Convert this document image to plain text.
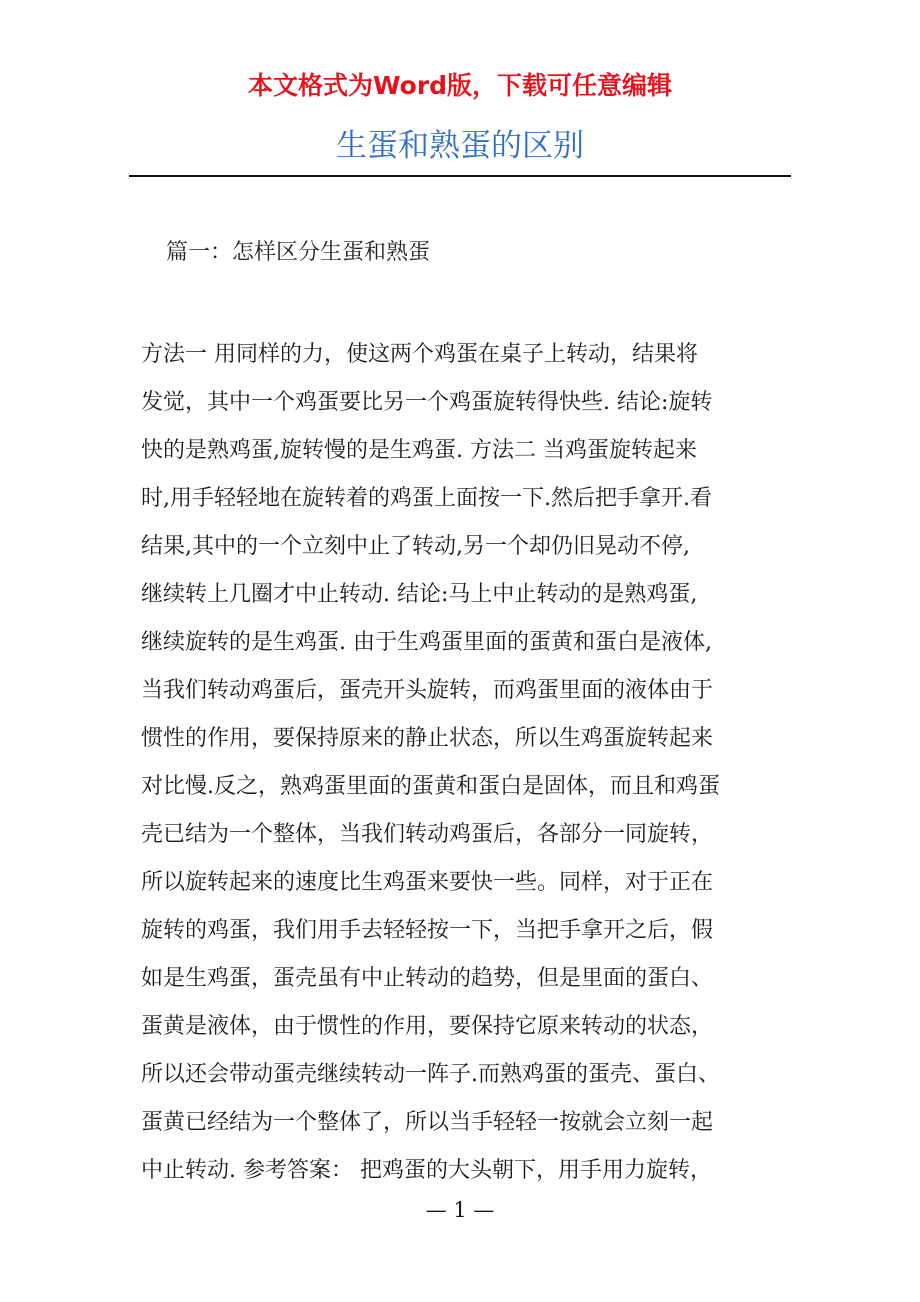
本文格式为Word版，下载可任意编辑
生蛋和熟蛋的区别
篇一：怎样区分生蛋和熟蛋
方法一 用同样的力，使这两个鸡蛋在桌子上转动，结果将
发觉，其中一个鸡蛋要比另一个鸡蛋旋转得快些. 结论:旋转
快的是熟鸡蛋,旋转慢的是生鸡蛋. 方法二 当鸡蛋旋转起来
时,用手轻轻地在旋转着的鸡蛋上面按一下.然后把手拿开.看
结果,其中的一个立刻中止了转动,另一个却仍旧晃动不停,
继续转上几圈才中止转动. 结论:马上中止转动的是熟鸡蛋,
继续旋转的是生鸡蛋. 由于生鸡蛋里面的蛋黄和蛋白是液体,
当我们转动鸡蛋后，蛋壳开头旋转，而鸡蛋里面的液体由于
惯性的作用，要保持原来的静止状态，所以生鸡蛋旋转起来
对比慢.反之，熟鸡蛋里面的蛋黄和蛋白是固体，而且和鸡蛋
壳已结为一个整体，当我们转动鸡蛋后，各部分一同旋转，
所以旋转起来的速度比生鸡蛋来要快一些。同样，对于正在
旋转的鸡蛋，我们用手去轻轻按一下，当把手拿开之后，假
如是生鸡蛋，蛋壳虽有中止转动的趋势，但是里面的蛋白、
蛋黄是液体，由于惯性的作用，要保持它原来转动的状态，
所以还会带动蛋壳继续转动一阵子.而熟鸡蛋的蛋壳、蛋白、
蛋黄已经结为一个整体了，所以当手轻轻一按就会立刻一起
中止转动. 参考答案： 把鸡蛋的大头朝下，用手用力旋转，
— 1 —
